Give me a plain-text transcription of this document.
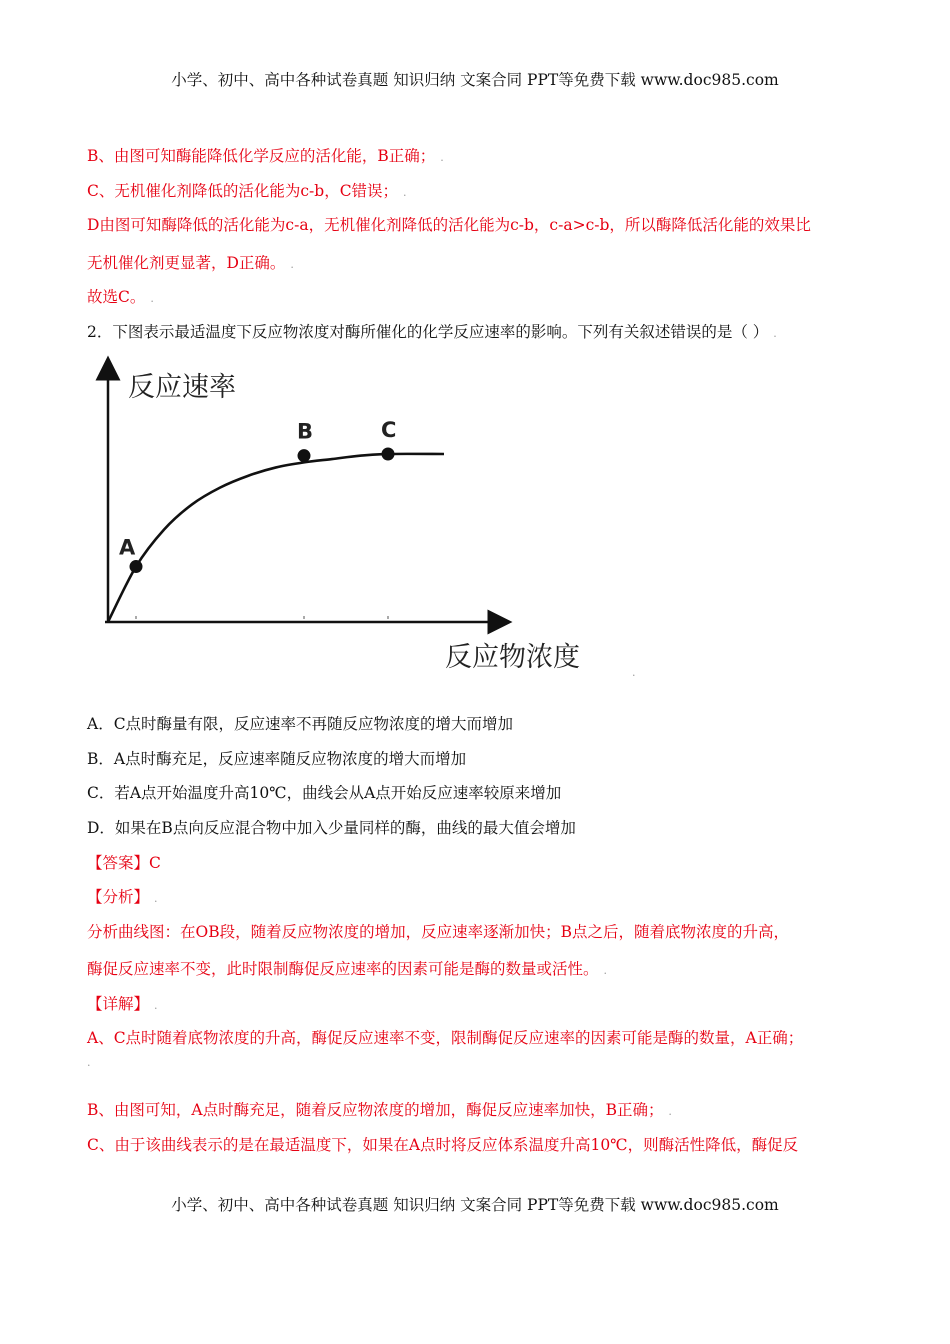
小学、初中、高中各种试卷真题 知识归纳 文案合同 PPT等免费下载 www.doc985.com
B、由图可知酶能降低化学反应的活化能，B正确； .
C、无机催化剂降低的活化能为c-b，C错误； .
D由图可知酶降低的活化能为c-a，无机催化剂降低的活化能为c-b，c-a>c-b，所以酶降低活化能的效果比
无机催化剂更显著，D正确。 .
故选C。 .
2．下图表示最适温度下反应物浓度对酶所催化的化学反应速率的影响。下列有关叙述错误的是（ ） .
反应速率
反应物浓度
A
B	C
.
A．C点时酶量有限，反应速率不再随反应物浓度的增大而增加
B．A点时酶充足，反应速率随反应物浓度的增大而增加
C．若A点开始温度升高10℃，曲线会从A点开始反应速率较原来增加
D．如果在B点向反应混合物中加入少量同样的酶，曲线的最大值会增加
【答案】C
【分析】 .
分析曲线图：在OB段，随着反应物浓度的增加，反应速率逐渐加快；B点之后，随着底物浓度的升高，
酶促反应速率不变，此时限制酶促反应速率的因素可能是酶的数量或活性。 .
【详解】 .
A、C点时随着底物浓度的升高，酶促反应速率不变，限制酶促反应速率的因素可能是酶的数量，A正确；
.
B、由图可知，A点时酶充足，随着反应物浓度的增加，酶促反应速率加快，B正确； .
C、由于该曲线表示的是在最适温度下，如果在A点时将反应体系温度升高10℃，则酶活性降低，酶促反
小学、初中、高中各种试卷真题 知识归纳 文案合同 PPT等免费下载 www.doc985.com
